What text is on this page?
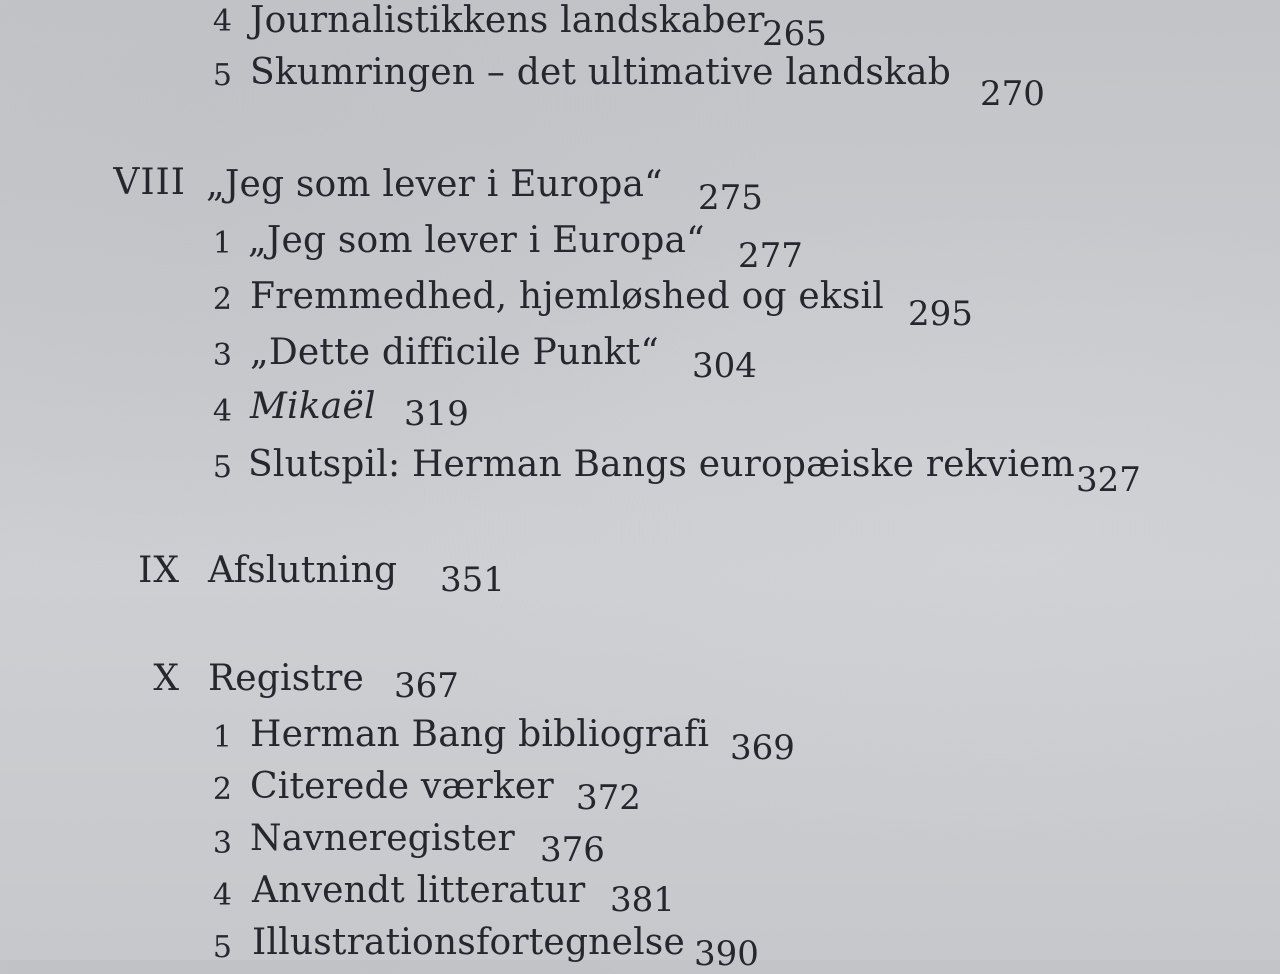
4 Journalistikkens landskaber
265
5 Skumringen – det ultimative landskab
270
VIII „Jeg som lever i Europa“ 275
1 „Jeg som lever i Europa“ 277
2 Fremmedhed, hjemløshed og eksil 295
3 „Dette difficile Punkt“ 304
4 Mikaël 319
5 Slutspil: Herman Bangs europæiske rekviem 327
IX Afslutning 351
X Registre 367
1 Herman Bang bibliografi 369
2 Citerede værker 372
3 Navneregister 376
4 Anvendt litteratur 381
5 Illustrationsfortegnelse 390
